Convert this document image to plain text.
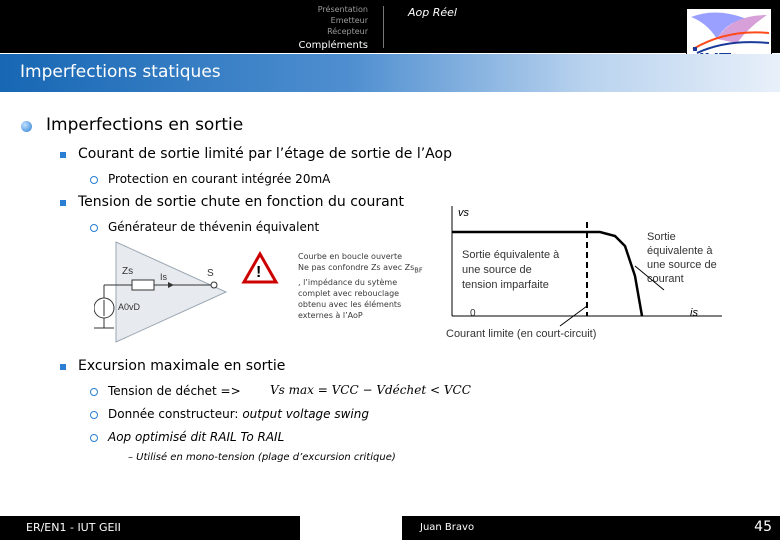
Présentation
Emetteur
Récepteur
Compléments
Aop Réel
Imperfections statiques
Imperfections en sortie
Courant de sortie limité par l’étage de sortie de l’Aop
Protection en courant intégrée 20mA
Tension de sortie chute en fonction du courant
Générateur de thévenin équivalent
Zs	Is	S
A0vD
!
Courbe en boucle ouverte
Ne pas confondre Zs avec $Zs_{BF}$ , l’impédance du sytème complet avec rebouclage obtenu avec les éléments externes à l’AoP
vs
is
0
Sortie équivalente à
une source de
tension imparfaite
Sortie
équivalente à
une source de
courant
Courant limite (en court-circuit)
Excursion maximale en sortie
Tension de déchet => Vs max = VCC − Vdéchet < VCC
Donnée constructeur: output voltage swing
Aop optimisé dit RAIL To RAIL
– Utilisé en mono-tension (plage d’excursion critique)
ER/EN1 - IUT GEII	Juan Bravo	45
